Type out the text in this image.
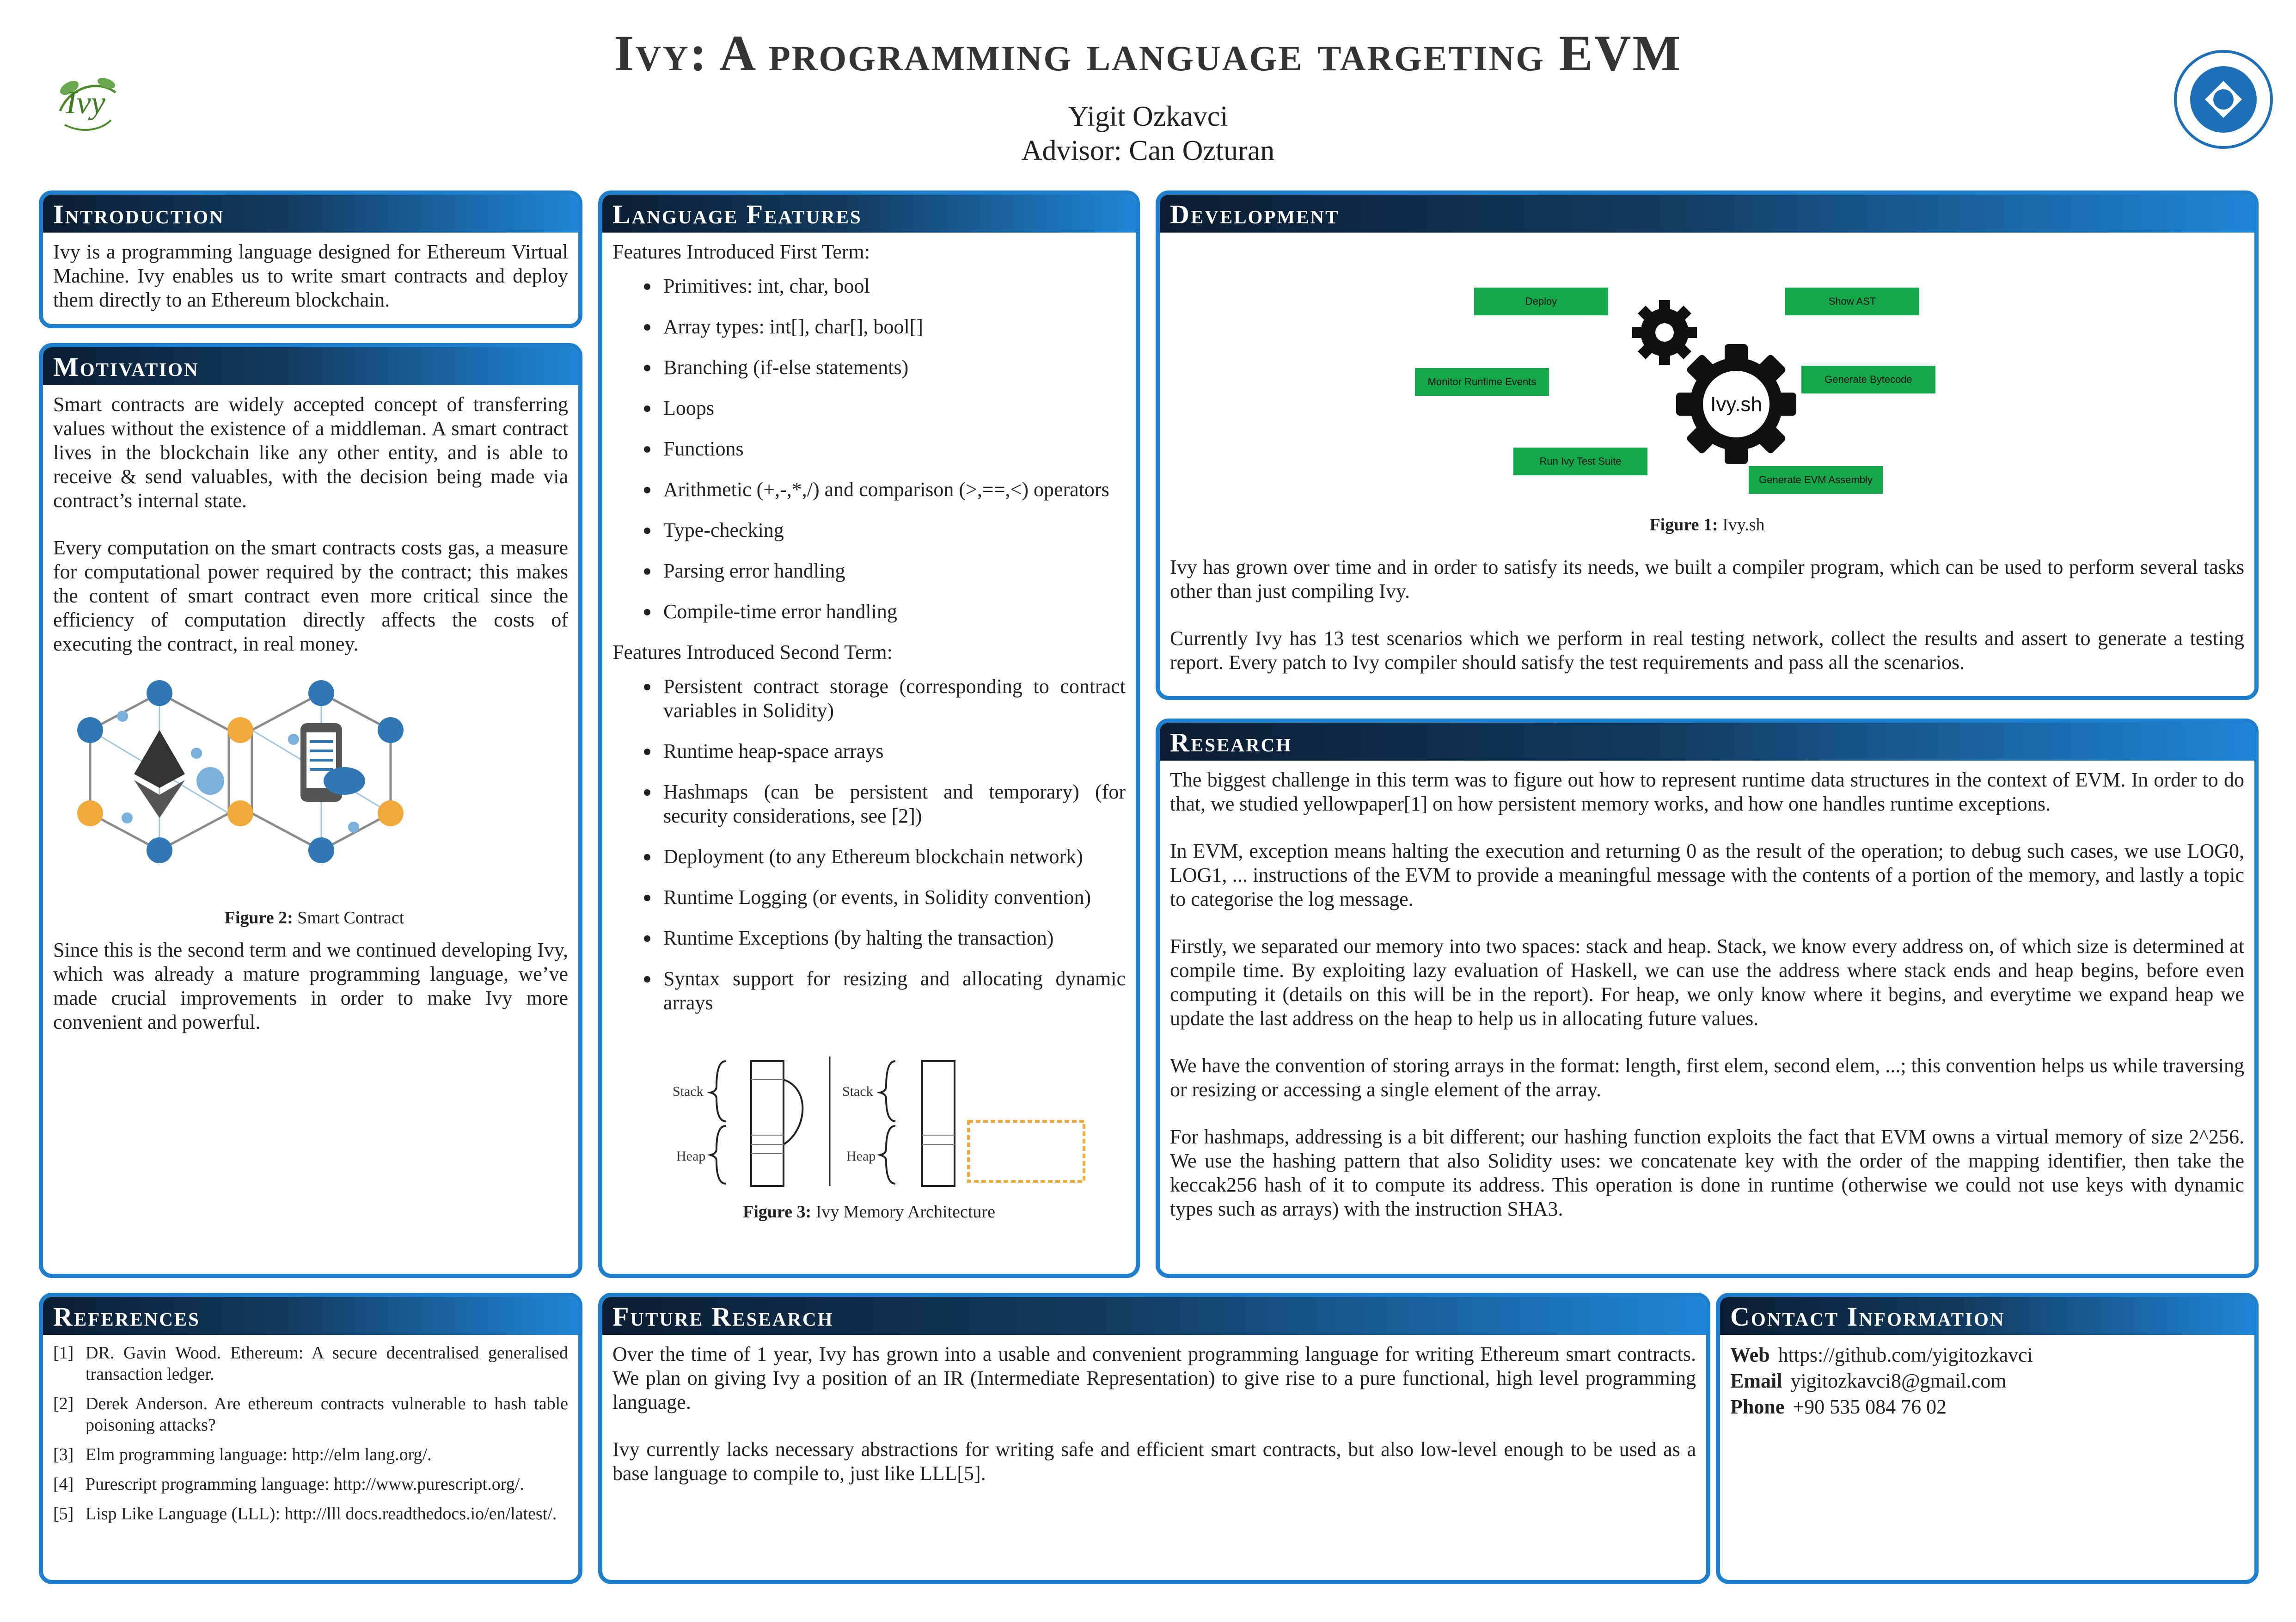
Ivy
Ivy: A programming language targeting EVM
Yigit Ozkavci
Advisor: Can Ozturan
Introduction

Ivy is a programming language designed for Ethereum Virtual Machine. Ivy enables us to write smart contracts and deploy them directly to an Ethereum blockchain.

Motivation

Smart contracts are widely accepted concept of transferring values without the existence of a middleman. A smart contract lives in the blockchain like any other entity, and is able to receive & send valuables, with the decision being made via contract’s internal state.

Every computation on the smart contracts costs gas, a measure for computational power required by the contract; this makes the content of smart contract even more critical since the efficiency of computation directly affects the costs of executing the contract, in real money.

Figure 2: Smart Contract

Since this is the second term and we continued developing Ivy, which was already a mature programming language, we’ve made crucial improvements in order to make Ivy more convenient and powerful.

Language Features
Features Introduced First Term:
Primitives: int, char, bool
Array types: int[], char[], bool[]
Branching (if-else statements)
Loops
Functions
Arithmetic (+,-,*,/) and comparison (>,==,<) operators
Type-checking
Parsing error handling
Compile-time error handling
Features Introduced Second Term:
Persistent contract storage (corresponding to contract variables in Solidity)
Runtime heap-space arrays
Hashmaps (can be persistent and temporary) (for security considerations, see [2])
Deployment (to any Ethereum blockchain network)
Runtime Logging (or events, in Solidity convention)
Runtime Exceptions (by halting the transaction)
Syntax support for resizing and allocating dynamic arrays
Stack
Heap
Stack
Heap
Figure 3: Ivy Memory Architecture
Development
Deploy	Show AST
Monitor Runtime Events	Generate Bytecode
Run Ivy Test Suite
Generate EVM Assembly
Ivy.sh
Figure 1: Ivy.sh

Ivy has grown over time and in order to satisfy its needs, we built a compiler program, which can be used to perform several tasks other than just compiling Ivy.

Currently Ivy has 13 test scenarios which we perform in real testing network, collect the results and assert to generate a testing report. Every patch to Ivy compiler should satisfy the test requirements and pass all the scenarios.

Research

The biggest challenge in this term was to figure out how to represent runtime data structures in the context of EVM. In order to do that, we studied yellowpaper[1] on how persistent memory works, and how one handles runtime exceptions.

In EVM, exception means halting the execution and returning 0 as the result of the operation; to debug such cases, we use LOG0, LOG1, ... instructions of the EVM to provide a meaningful message with the contents of a portion of the memory, and lastly a topic to categorise the log message.

Firstly, we separated our memory into two spaces: stack and heap. Stack, we know every address on, of which size is determined at compile time. By exploiting lazy evaluation of Haskell, we can use the address where stack ends and heap begins, before even computing it (details on this will be in the report). For heap, we only know where it begins, and everytime we expand heap we update the last address on the heap to help us in allocating future values.

We have the convention of storing arrays in the format: length, first elem, second elem, ...; this convention helps us while traversing or resizing or accessing a single element of the array.

For hashmaps, addressing is a bit different; our hashing function exploits the fact that EVM owns a virtual memory of size 2^256. We use the hashing pattern that also Solidity uses: we concatenate key with the order of the mapping identifier, then take the keccak256 hash of it to compute its address. This operation is done in runtime (otherwise we could not use keys with dynamic types such as arrays) with the instruction SHA3.

References
[1] DR. Gavin Wood. Ethereum: A secure decentralised generalised transaction ledger.
[2] Derek Anderson. Are ethereum contracts vulnerable to hash table poisoning attacks?
[3] Elm programming language: http://elm lang.org/.
[4] Purescript programming language: http://www.purescript.org/.
[5] Lisp Like Language (LLL): http://lll docs.readthedocs.io/en/latest/.
Future Research

Over the time of 1 year, Ivy has grown into a usable and convenient programming language for writing Ethereum smart contracts. We plan on giving Ivy a position of an IR (Intermediate Representation) to give rise to a pure functional, high level programming language.

Ivy currently lacks necessary abstractions for writing safe and efficient smart contracts, but also low-level enough to be used as a base language to compile to, just like LLL[5].

Contact Information
Web https://github.com/yigitozkavci
Email yigitozkavci8@gmail.com
Phone +90 535 084 76 02
